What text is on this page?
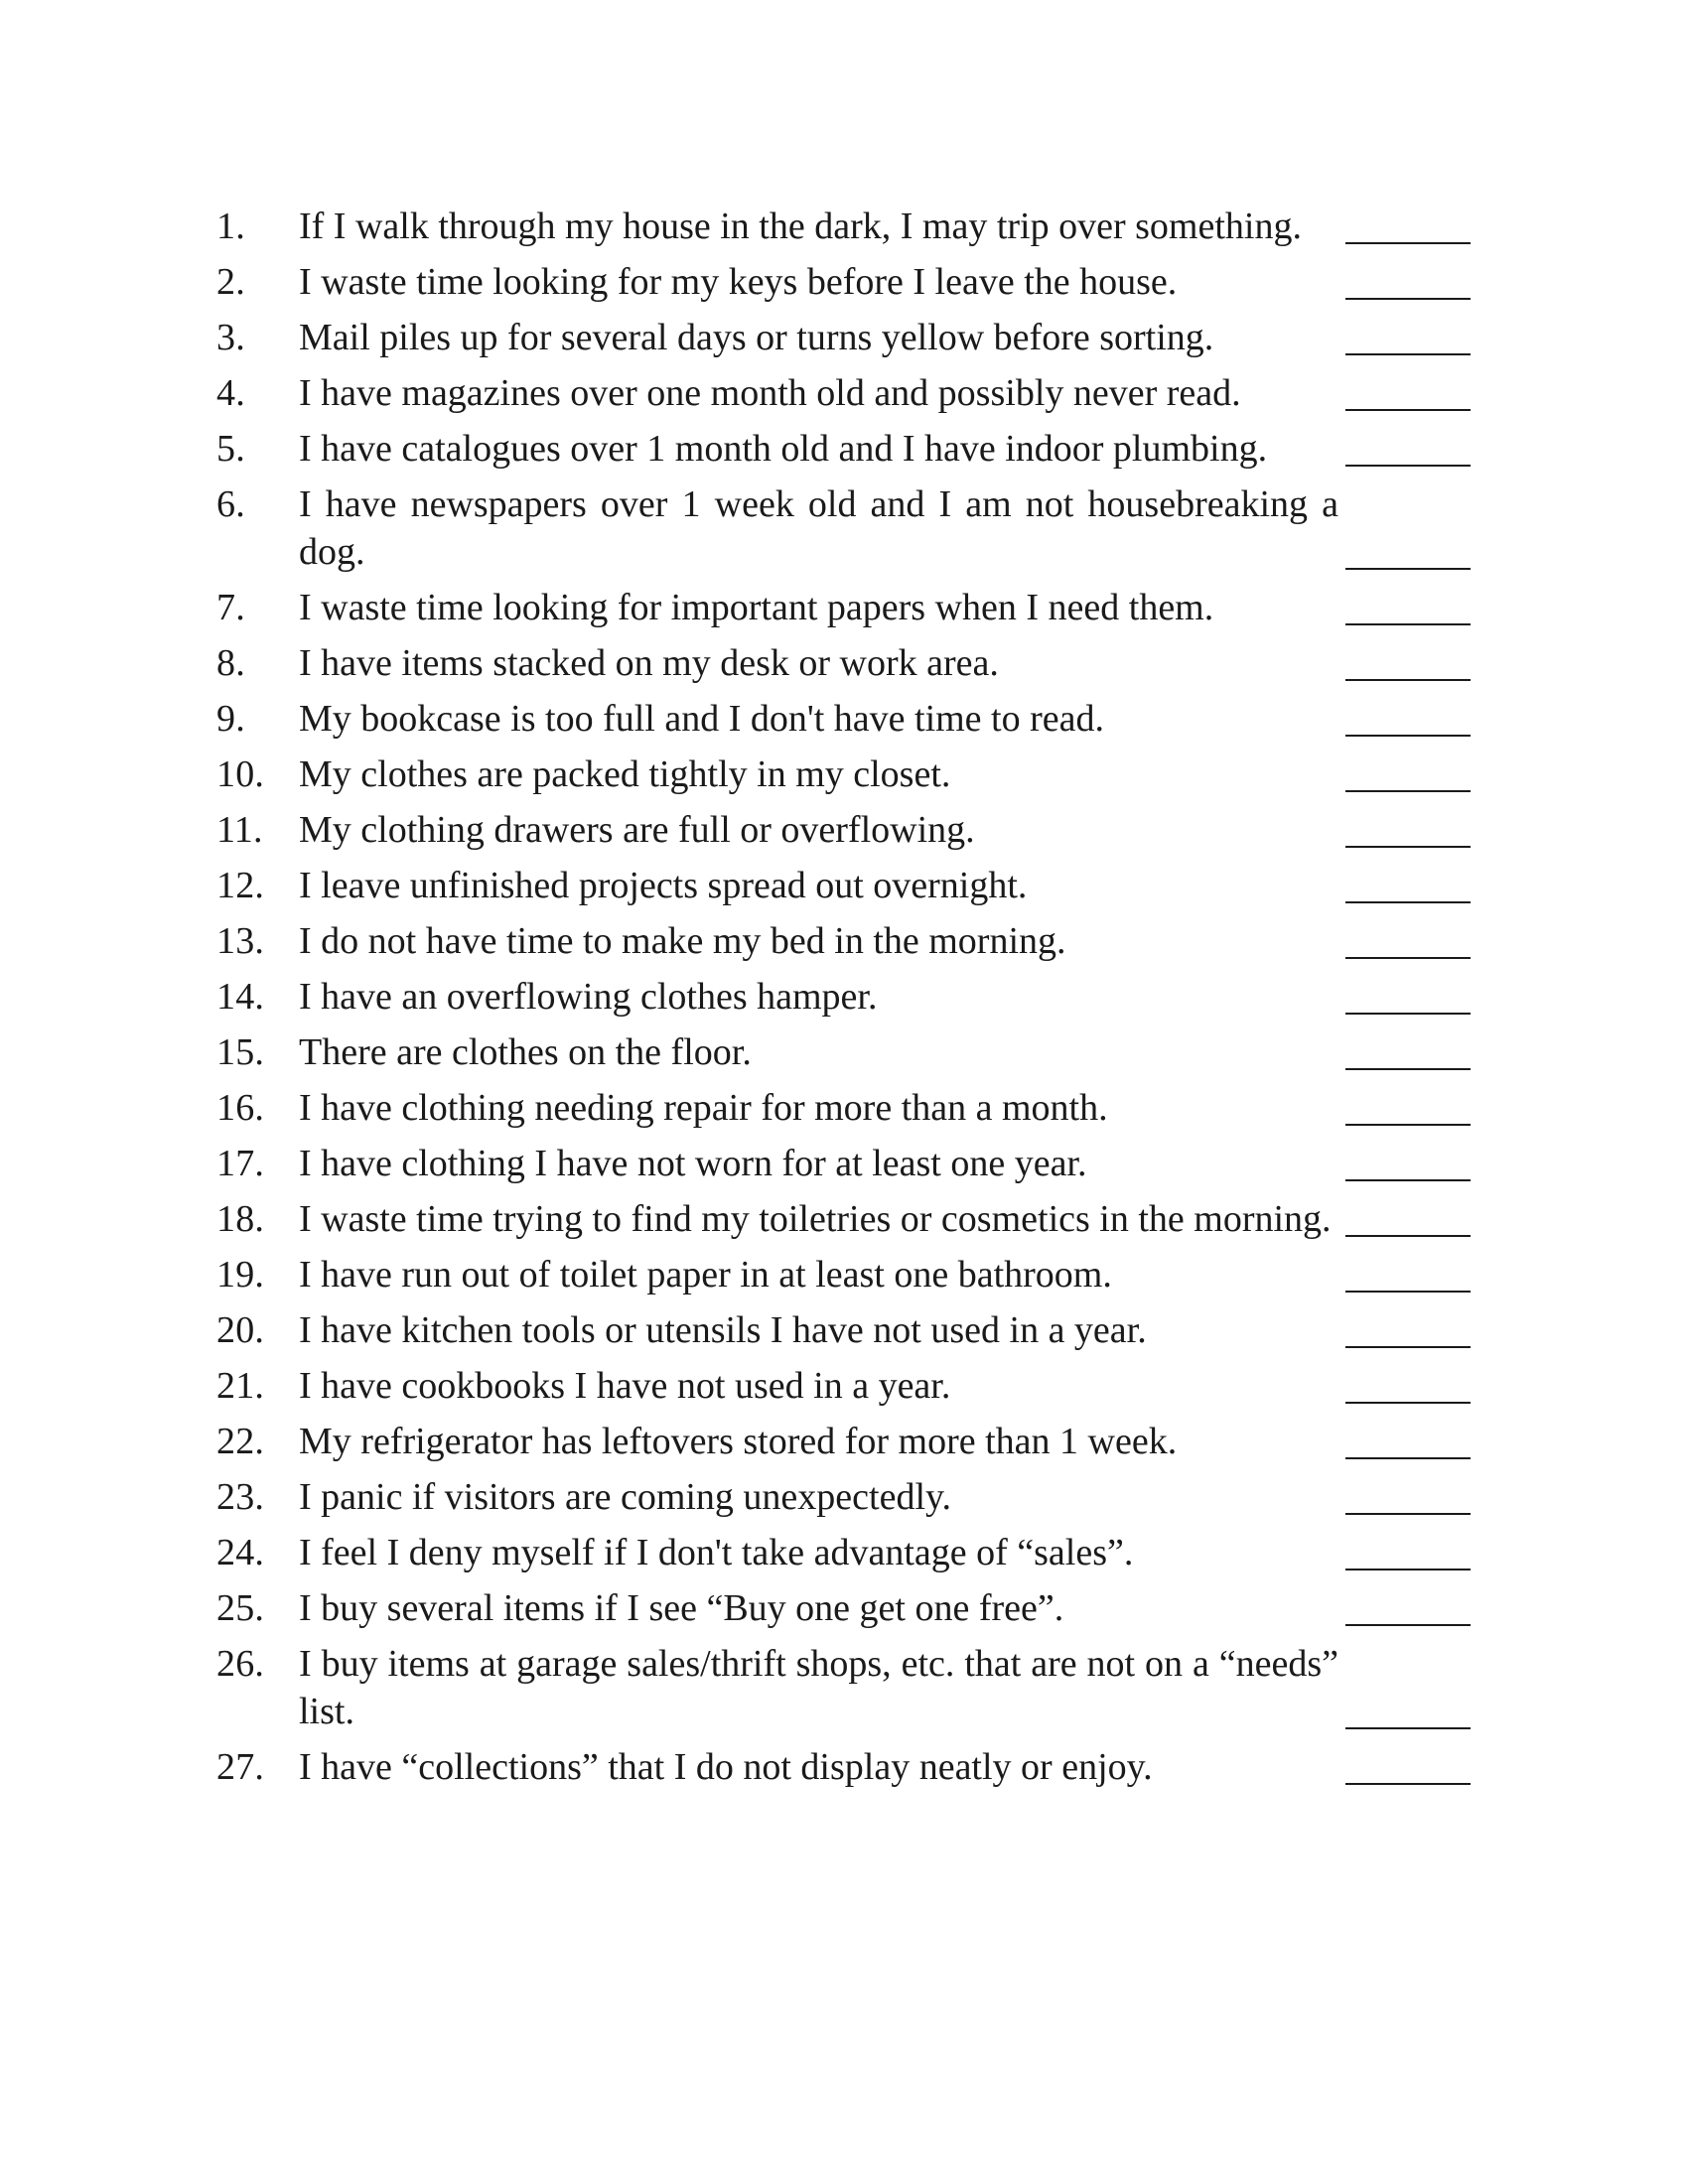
1.	If I walk through my house in the dark, I may trip over something.
2.	I waste time looking for my keys before I leave the house.
3.	Mail piles up for several days or turns yellow before sorting.
4.	I have magazines over one month old and possibly never read.
5.	I have catalogues over 1 month old and I have indoor plumbing.
6.	I have newspapers over 1 week old and I am not housebreaking a dog.
7.	I waste time looking for important papers when I need them.
8.	I have items stacked on my desk or work area.
9.	My bookcase is too full and I don't have time to read.
10. My clothes are packed tightly in my closet.
11. My clothing drawers are full or overflowing.
12. I leave unfinished projects spread out overnight.
13. I do not have time to make my bed in the morning.
14. I have an overflowing clothes hamper.
15. There are clothes on the floor.
16. I have clothing needing repair for more than a month.
17. I have clothing I have not worn for at least one year.
18. I waste time trying to find my toiletries or cosmetics in the morning.
19. I have run out of toilet paper in at least one bathroom.
20. I have kitchen tools or utensils I have not used in a year.
21. I have cookbooks I have not used in a year.
22. My refrigerator has leftovers stored for more than 1 week.
23. I panic if visitors are coming unexpectedly.
24. I feel I deny myself if I don't take advantage of “sales”.
25. I buy several items if I see “Buy one get one free”.
26. I buy items at garage sales/thrift shops, etc. that are not on a “needs” list.
27. I have “collections” that I do not display neatly or enjoy.
